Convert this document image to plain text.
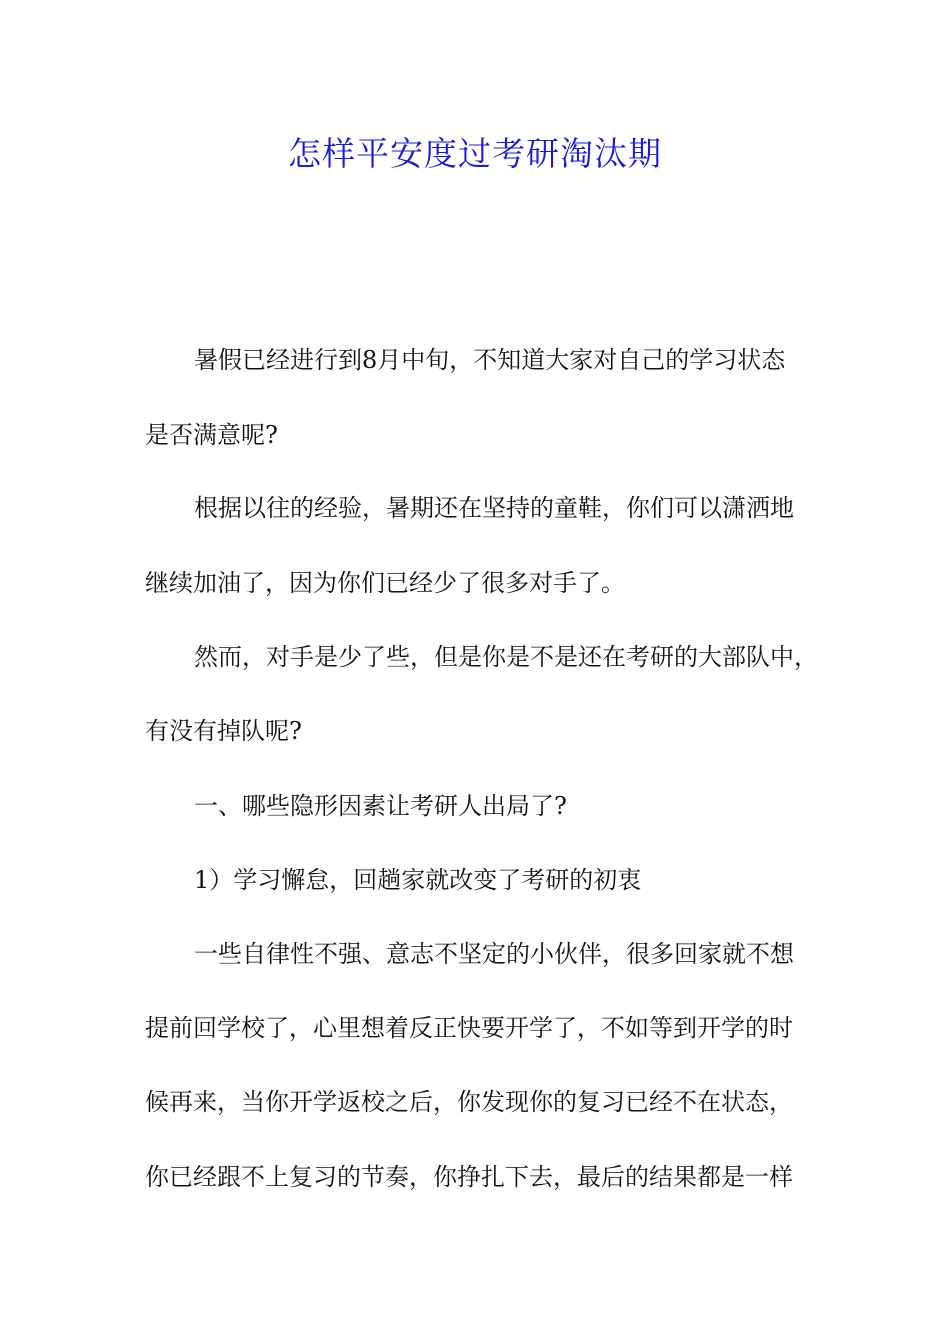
怎样平安度过考研淘汰期

暑假已经进行到8月中旬，不知道大家对自己的学习状态

是否满意呢?

根据以往的经验，暑期还在坚持的童鞋，你们可以潇洒地

继续加油了，因为你们已经少了很多对手了。

然而，对手是少了些，但是你是不是还在考研的大部队中，

有没有掉队呢?

一、哪些隐形因素让考研人出局了?

1）学习懈怠，回趟家就改变了考研的初衷

一些自律性不强、意志不坚定的小伙伴，很多回家就不想

提前回学校了，心里想着反正快要开学了，不如等到开学的时

候再来，当你开学返校之后，你发现你的复习已经不在状态，

你已经跟不上复习的节奏，你挣扎下去，最后的结果都是一样
